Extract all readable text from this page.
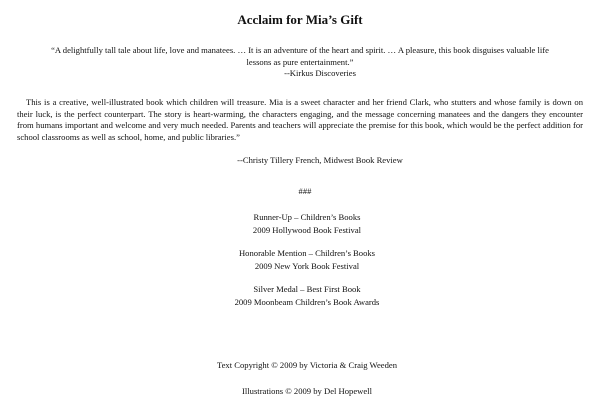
Acclaim for Mia’s Gift
“A delightfully tall tale about life, love and manatees. … It is an adventure of the heart and spirit. … A pleasure, this book disguises valuable life lessons as pure entertainment.”
--Kirkus Discoveries
This is a creative, well-illustrated book which children will treasure. Mia is a sweet character and her friend Clark, who stutters and whose family is down on their luck, is the perfect counterpart. The story is heart-warming, the characters engaging, and the message concerning manatees and the dangers they encounter from humans important and welcome and very much needed. Parents and teachers will appreciate the premise for this book, which would be the perfect addition for school classrooms as well as school, home, and public libraries.”
--Christy Tillery French, Midwest Book Review
###
Runner-Up – Children’s Books
2009 Hollywood Book Festival
Honorable Mention – Children’s Books
2009 New York Book Festival
Silver Medal – Best First Book
2009 Moonbeam Children’s Book Awards
Text Copyright © 2009 by Victoria & Craig Weeden
Illustrations © 2009 by Del Hopewell
